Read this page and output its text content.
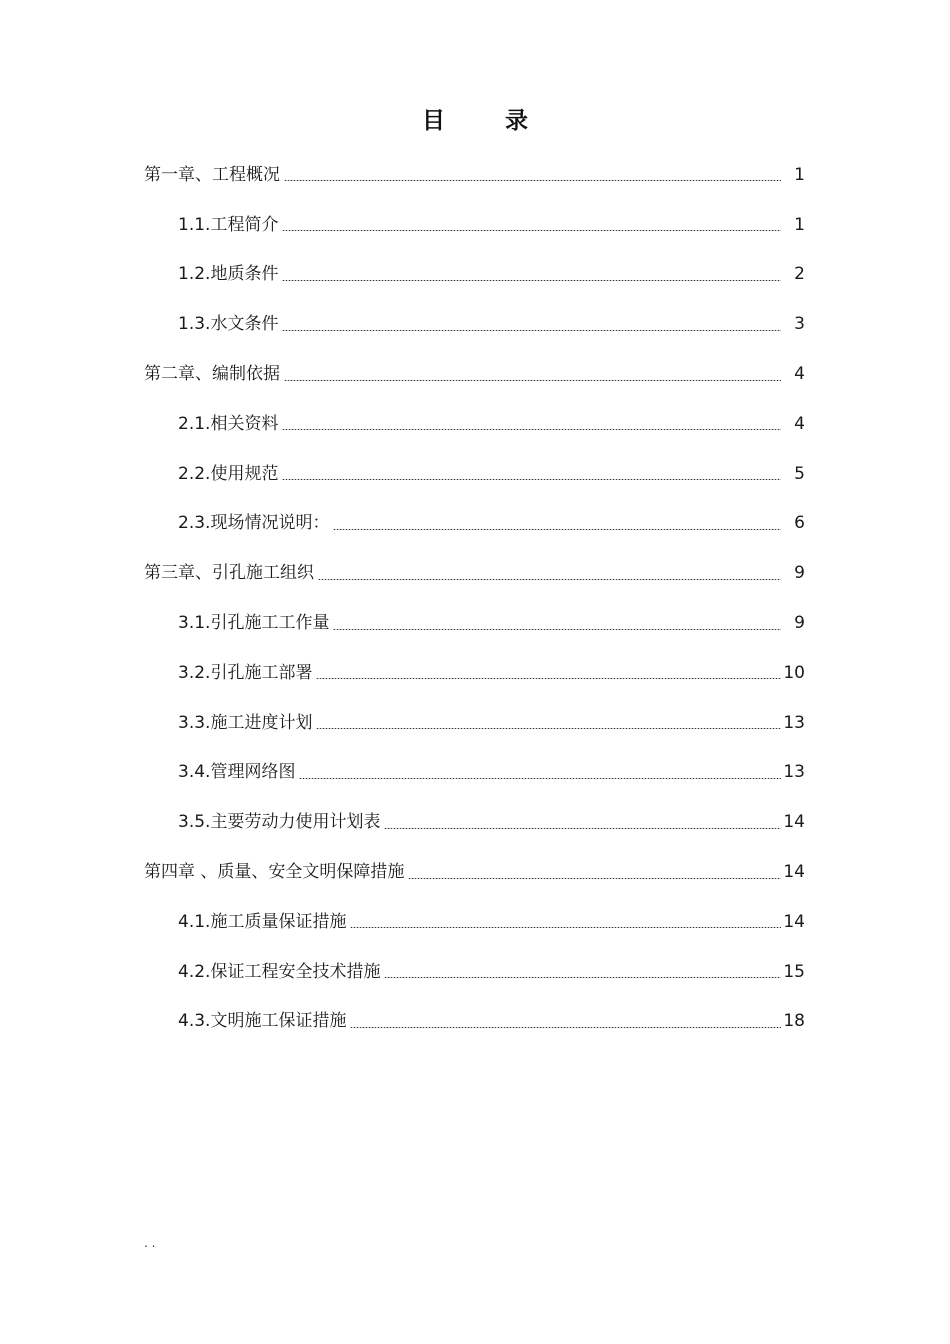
目 录
第一章、工程概况	1
1.1.工程简介	1
1.2.地质条件	2
1.3.水文条件	3
第二章、编制依据	4
2.1.相关资料	4
2.2.使用规范	5
2.3.现场情况说明：	6
第三章、引孔施工组织	9
3.1.引孔施工工作量	9
3.2.引孔施工部署	10
3.3.施工进度计划	13
3.4.管理网络图	13
3.5.主要劳动力使用计划表	14
第四章 、质量、安全文明保障措施	14
4.1.施工质量保证措施	14
4.2.保证工程安全技术措施	15
4.3.文明施工保证措施	18
. .
